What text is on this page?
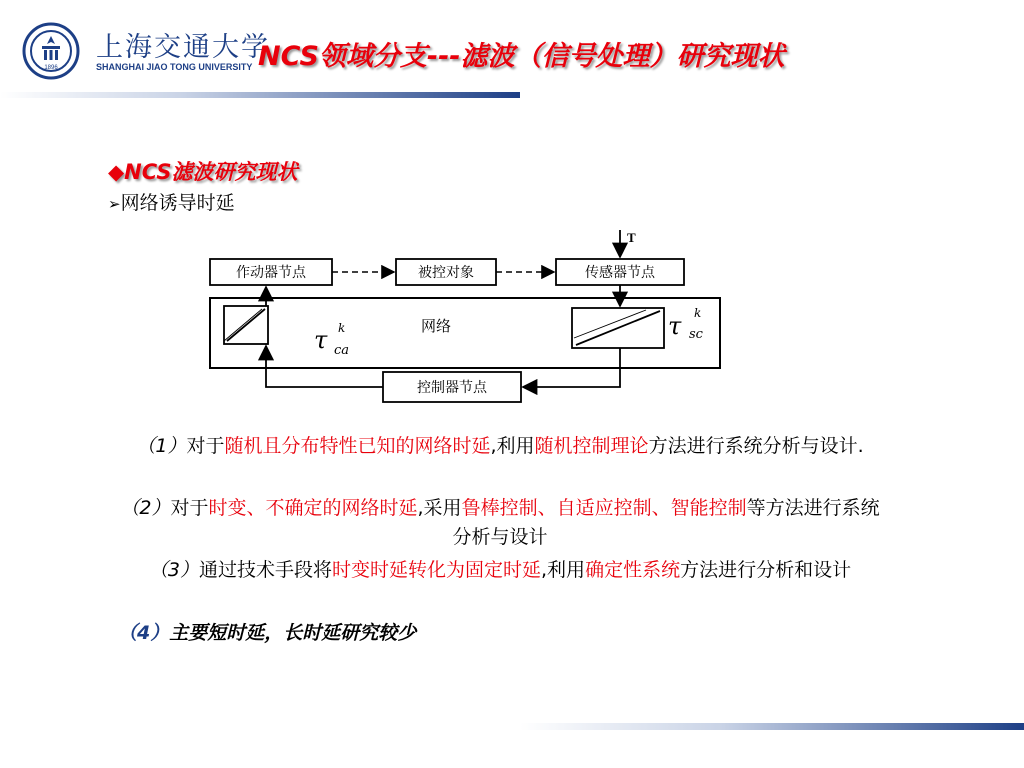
1896
上海交通大学
SHANGHAI JIAO TONG UNIVERSITY NCS领域分支---滤波（信号处理）研究现状
◆NCS滤波研究现状
➢网络诱导时延
作动器节点	被控对象	传感器节点
T
网络
τ k
ca
τ k
sc
控制器节点
（1）对于随机且分布特性已知的网络时延,利用随机控制理论方法进行系统分析与设计.
（2）对于时变、不确定的网络时延,采用鲁棒控制、自适应控制、智能控制等方法进行系统分析与设计
（3）通过技术手段将时变时延转化为固定时延,利用确定性系统方法进行分析和设计
（4）主要短时延，长时延研究较少
